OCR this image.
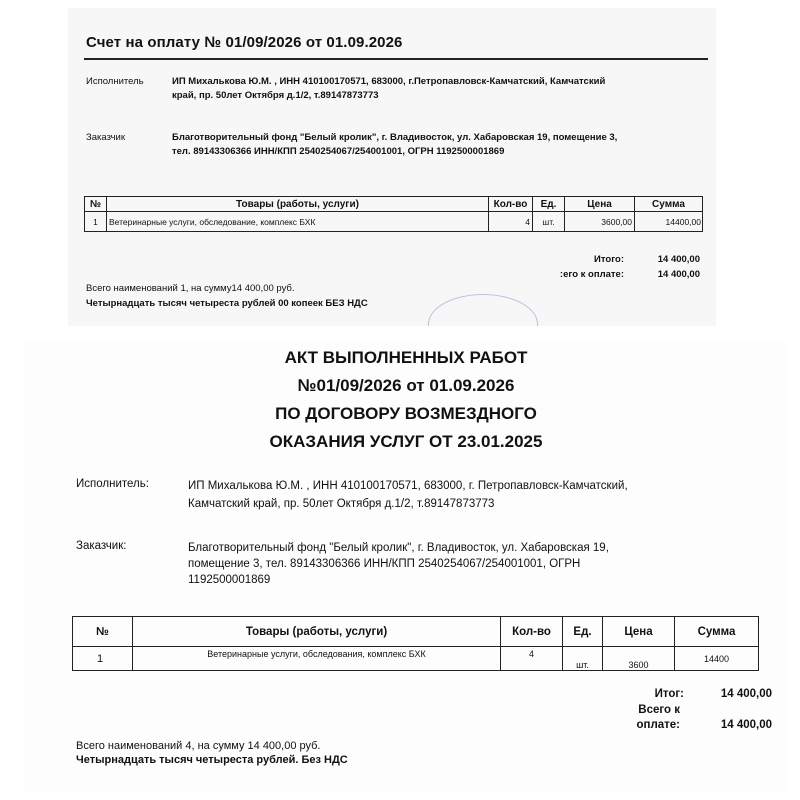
Счет на оплату № 01/09/2026 от 01.09.2026
Исполнитель	ИП Михалькова Ю.М. , ИНН 410100170571, 683000, г.Петропавловск-Камчатский, Камчатский
край, пр. 50лет Октября д.1/2, т.89147873773
Заказчик	Благотворительный фонд "Белый кролик", г. Владивосток, ул. Хабаровская 19, помещение 3,
тел. 89143306366 ИНН/КПП 2540254067/254001001, ОГРН 1192500001869
№	Товары (работы, услуги)	Кол-во	Ед.	Цена	Сумма
1	Ветеринарные услуги, обследование, комплекс БХК	4	шт.	3600,00	14400,00
Итого:	14 400,00
:его к оплате:	14 400,00
Всего наименований 1, на сумму14 400,00 руб.
Четырнадцать тысяч четыреста рублей 00 копеек БЕЗ НДС
АКТ ВЫПОЛНЕННЫХ РАБОТ
№01/09/2026 от 01.09.2026
ПО ДОГОВОРУ ВОЗМЕЗДНОГО
ОКАЗАНИЯ УСЛУГ ОТ 23.01.2025
Исполнитель:	ИП Михалькова Ю.М. , ИНН 410100170571, 683000, г. Петропавловск-Камчатский,
Камчатский край, пр. 50лет Октября д.1/2, т.89147873773
Заказчик:	Благотворительный фонд "Белый кролик", г. Владивосток, ул. Хабаровская 19,
помещение 3, тел. 89143306366 ИНН/КПП 2540254067/254001001, ОГРН
1192500001869
№	Товары (работы, услуги)	Кол-во	Ед.	Цена	Сумма
1	Ветеринарные услуги, обследования, комплекс БХК	4	шт.	3600	14400
Итог:	14 400,00
Всего к
оплате:	14 400,00
Всего наименований 4, на сумму 14 400,00 руб.
Четырнадцать тысяч четыреста рублей. Без НДС
